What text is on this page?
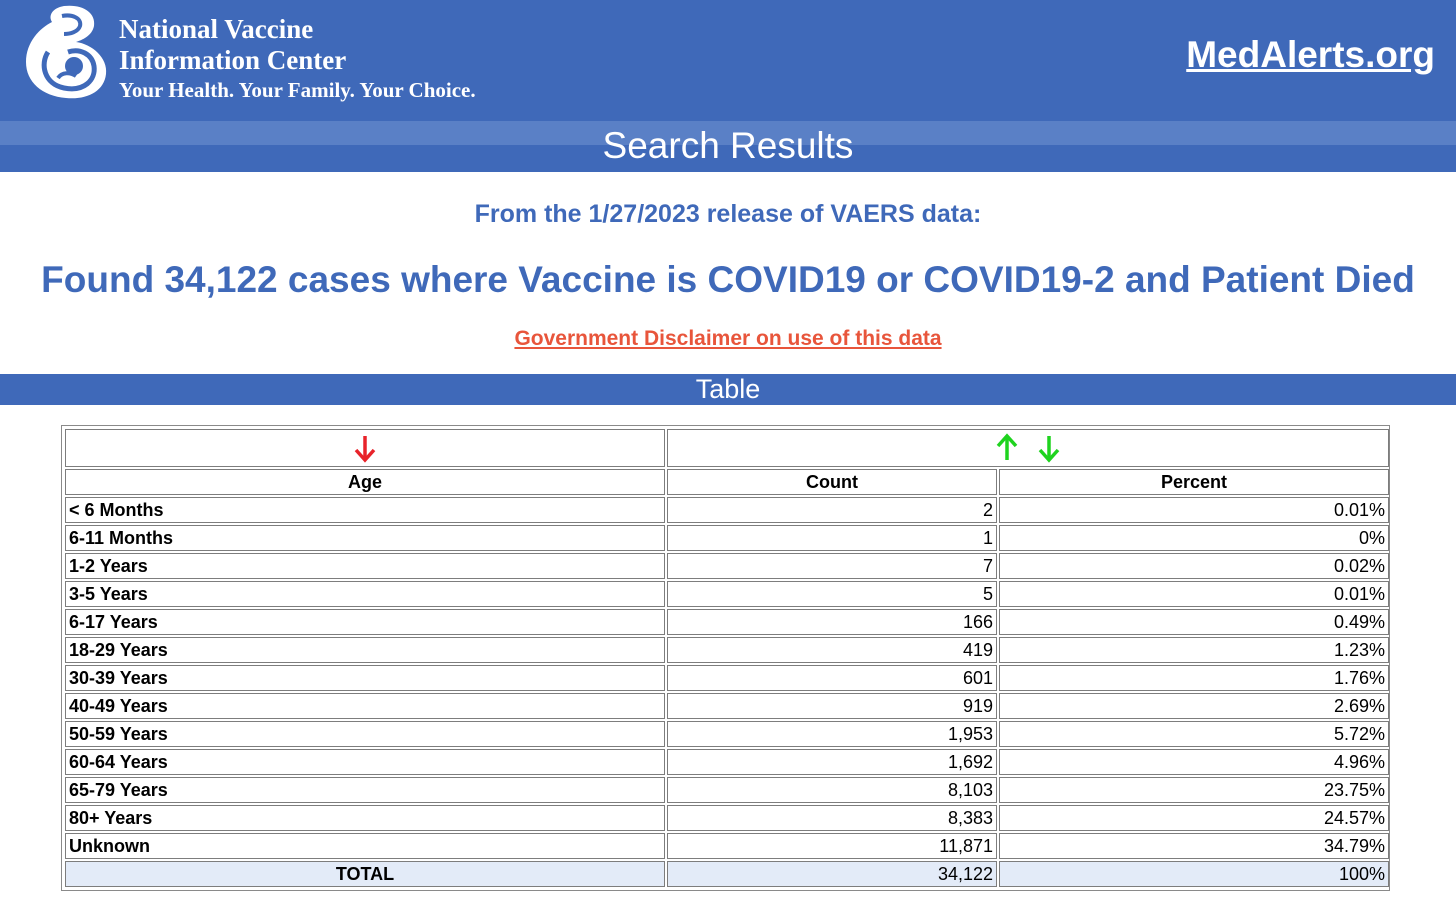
National Vaccine
Information Center
Your Health. Your Family. Your Choice.
MedAlerts.org
Search Results
From the 1/27/2023 release of VAERS data:
Found 34,122 cases where Vaccine is COVID19 or COVID19-2 and Patient Died
Government Disclaimer on use of this data
Table

Age	Count	Percent
< 6 Months	2	0.01%
6-11 Months	1	0%
1-2 Years	7	0.02%
3-5 Years	5	0.01%
6-17 Years	166	0.49%
18-29 Years	419	1.23%
30-39 Years	601	1.76%
40-49 Years	919	2.69%
50-59 Years	1,953	5.72%
60-64 Years	1,692	4.96%
65-79 Years	8,103	23.75%
80+ Years	8,383	24.57%
Unknown	11,871	34.79%
TOTAL	34,122	100%
